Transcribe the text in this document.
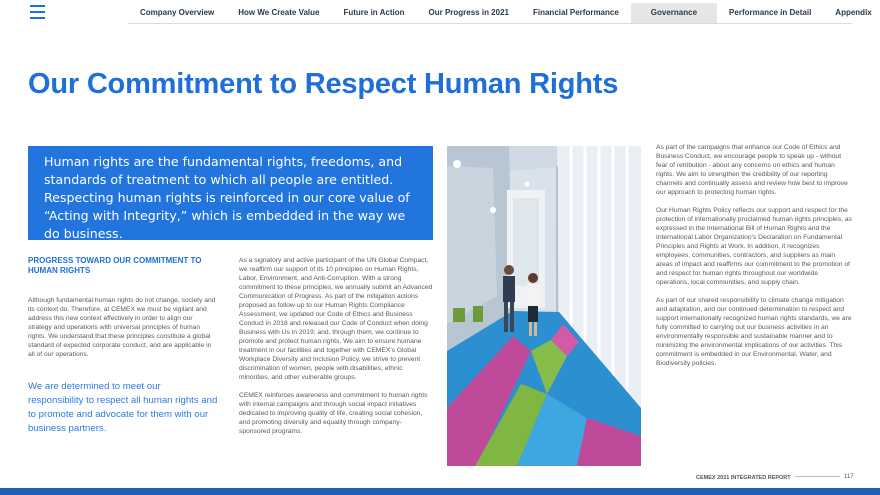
Company Overview	How We Create Value	Future in Action	Our Progress in 2021	Financial Performance	Governance	Performance in Detail	Appendix
Our Commitment to Respect Human Rights

Human rights are the fundamental rights, freedoms, and

standards of treatment to which all people are entitled.

Respecting human rights is reinforced in our core value of

“Acting with Integrity,” which is embedded in the way we

do business.

PROGRESS TOWARD OUR COMMITMENT TO HUMAN RIGHTS

Although fundamental human rights do not change, society and its context do. Therefore, at CEMEX we must be vigilant and address this new context effectively in order to align our strategy and operations with universal principles of human rights. We understand that these principles constitute a global standard of expected corporate conduct, and are applicable in all of our operations.

We are determined to meet our responsibility to respect all human rights and to promote and advocate for them with our business partners.

As a signatory and active participant of the UN Global Compact, we reaffirm our support of its 10 principles on Human Rights, Labor, Environment, and Anti-Corruption. With a strong commitment to these principles, we annually submit an Advanced Communication of Progress. As part of the mitigation actions proposed as follow-up to our Human Rights Compliance Assessment, we updated our Code of Ethics and Business Conduct in 2018 and released our Code of Conduct when doing Business with Us in 2019; and, through them, we continue to promote and protect human rights. We aim to ensure humane treatment in our facilities and together with CEMEX’s Global Workplace Diversity and Inclusion Policy, we strive to prevent discrimination of women, people with disabilities, ethnic minorities, and other vulnerable groups.

CEMEX reinforces awareness and commitment to human rights with internal campaigns and through social impact initiatives dedicated to improving quality of life, creating social cohesion, and promoting diversity and equality through company-sponsored programs.

As part of the campaigns that enhance our Code of Ethics and Business Conduct, we encourage people to speak up - without fear of retribution - about any concerns on ethics and human rights. We aim to strengthen the credibility of our reporting channels and continually assess and review how best to improve our approach to protecting human rights.

Our Human Rights Policy reflects our support and respect for the protection of internationally proclaimed human rights principles, as expressed in the International Bill of Human Rights and the International Labor Organization’s Declaration on Fundamental Principles and Rights at Work. In addition, it recognizes employees, communities, contractors, and suppliers as main areas of impact and reaffirms our commitment to the promotion of and respect for human rights throughout our worldwide operations, local communities, and supply chain.

As part of our shared responsibility to climate change mitigation and adaptation, and our continued determination to respect and support internationally recognized human rights standards, we are fully committed to carrying out our business activities in an environmentally responsible and sustainable manner and to minimizing the environmental implications of our activities. This commitment is embedded in our Environmental, Water, and Biodiversity policies.

CEMEX 2021 INTEGRATED REPORT	117
